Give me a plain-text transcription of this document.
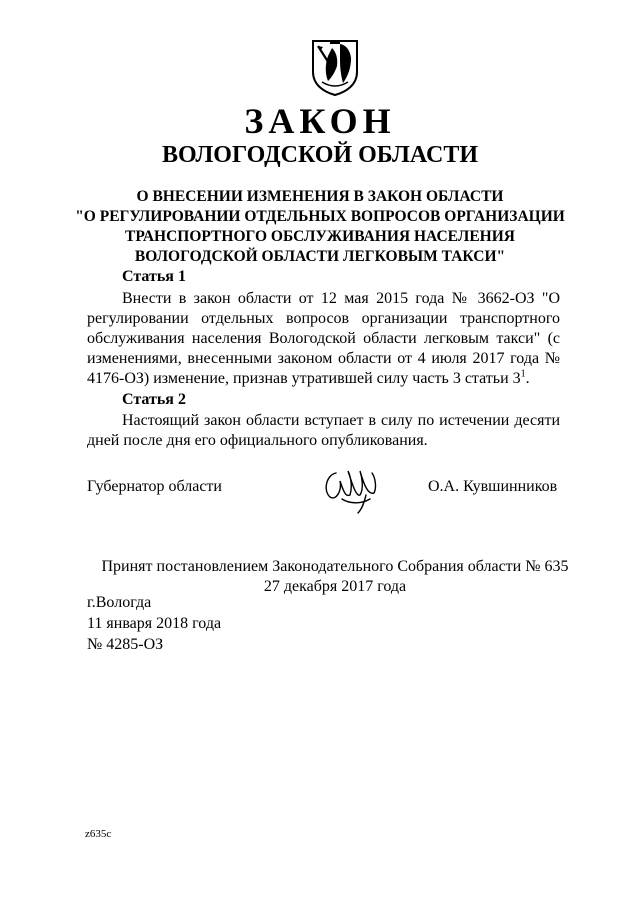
ЗАКОН
ВОЛОГОДСКОЙ ОБЛАСТИ
О ВНЕСЕНИИ ИЗМЕНЕНИЯ В ЗАКОН ОБЛАСТИ
"О РЕГУЛИРОВАНИИ ОТДЕЛЬНЫХ ВОПРОСОВ ОРГАНИЗАЦИИ
ТРАНСПОРТНОГО ОБСЛУЖИВАНИЯ НАСЕЛЕНИЯ
ВОЛОГОДСКОЙ ОБЛАСТИ ЛЕГКОВЫМ ТАКСИ"
Статья 1

Внести в закон области от 12 мая 2015 года № 3662-ОЗ "О регулировании отдельных вопросов организации транспортного обслуживания населения Вологодской области легковым такси" (с изменениями, внесенными законом области от 4 июля 2017 года № 4176-ОЗ) изменение, признав утратившей силу часть 3 статьи $3^1$.

Статья 2

Настоящий закон области вступает в силу по истечении десяти дней после дня его официального опубликования.

Губернатор области	О.А. Кувшинников
Принят постановлением Законодательного Собрания области № 635
27 декабря 2017 года
г.Вологда
11 января 2018 года
№ 4285-ОЗ
z635c
